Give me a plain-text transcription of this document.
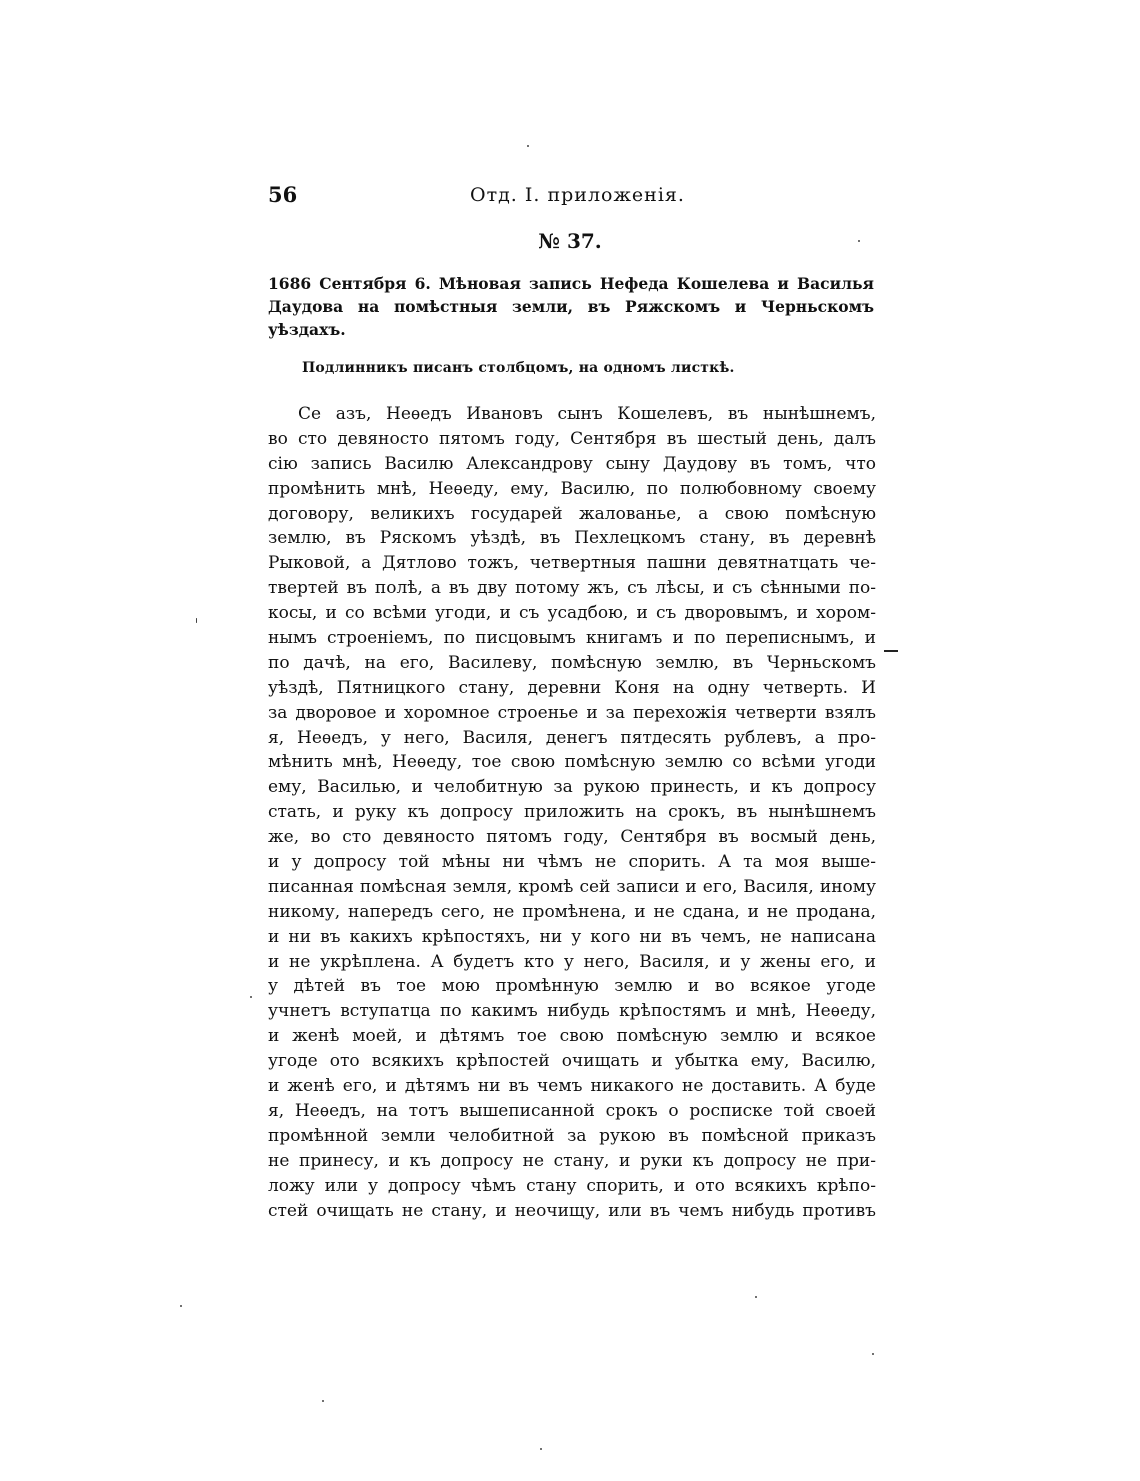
56	Отд. I. приложенія.
№ 37.
1686 Сентября 6. Мѣновая запись Нефеда Кошелева и Василья Даудова на помѣстныя земли, въ Ряжскомъ и Черньскомъ уѣздахъ.
Подлинникъ писанъ столбцомъ, на одномъ листкѣ.
Се азъ, Неѳедъ Ивановъ сынъ Кошелевъ, въ нынѣшнемъ,
во сто девяносто пятомъ году, Сентября въ шестый день, далъ
сію запись Василю Александрову сыну Даудову въ томъ, что
промѣнить мнѣ, Неѳеду, ему, Василю, по полюбовному своему
договору, великихъ государей жалованье, а свою помѣсную
землю, въ Ряскомъ уѣздѣ, въ Пехлецкомъ стану, въ деревнѣ
Рыковой, а Дятлово тожъ, четвертныя пашни девятнатцать че-
твертей въ полѣ, а въ дву потому жъ, съ лѣсы, и съ сѣнными по-
косы, и со всѣми угоди, и съ усадбою, и съ дворовымъ, и хором-
нымъ строеніемъ, по писцовымъ книгамъ и по переписнымъ, и
по дачѣ, на его, Василеву, помѣсную землю, въ Черньскомъ
уѣздѣ, Пятницкого стану, деревни Коня на одну четверть. И
за дворовое и хоромное строенье и за перехожія четверти взялъ
я, Неѳедъ, у него, Василя, денегъ пятдесять рублевъ, а про-
мѣнить мнѣ, Неѳеду, тое свою помѣсную землю со всѣми угоди
ему, Василью, и челобитную за рукою принесть, и къ допросу
стать, и руку къ допросу приложить на срокъ, въ нынѣшнемъ
же, во сто девяносто пятомъ году, Сентября въ восмый день,
и у допросу той мѣны ни чѣмъ не спорить. А та моя выше-
писанная помѣсная земля, кромѣ сей записи и его, Василя, иному
никому, напередъ сего, не промѣнена, и не сдана, и не продана,
и ни въ какихъ крѣпостяхъ, ни у кого ни въ чемъ, не написана
и не укрѣплена. А будетъ кто у него, Василя, и у жены его, и
у дѣтей въ тое мою промѣнную землю и во всякое угоде
учнетъ вступатца по какимъ нибудь крѣпостямъ и мнѣ, Неѳеду,
и женѣ моей, и дѣтямъ тое свою помѣсную землю и всякое
угоде ото всякихъ крѣпостей очищать и убытка ему, Василю,
и женѣ его, и дѣтямъ ни въ чемъ никакого не доставить. А буде
я, Неѳедъ, на тотъ вышеписанной срокъ о росписке той своей
промѣнной земли челобитной за рукою въ помѣсной приказъ
не принесу, и къ допросу не стану, и руки къ допросу не при-
ложу или у допросу чѣмъ стану спорить, и ото всякихъ крѣпо-
стей очищать не стану, и неочищу, или въ чемъ нибудь противъ
